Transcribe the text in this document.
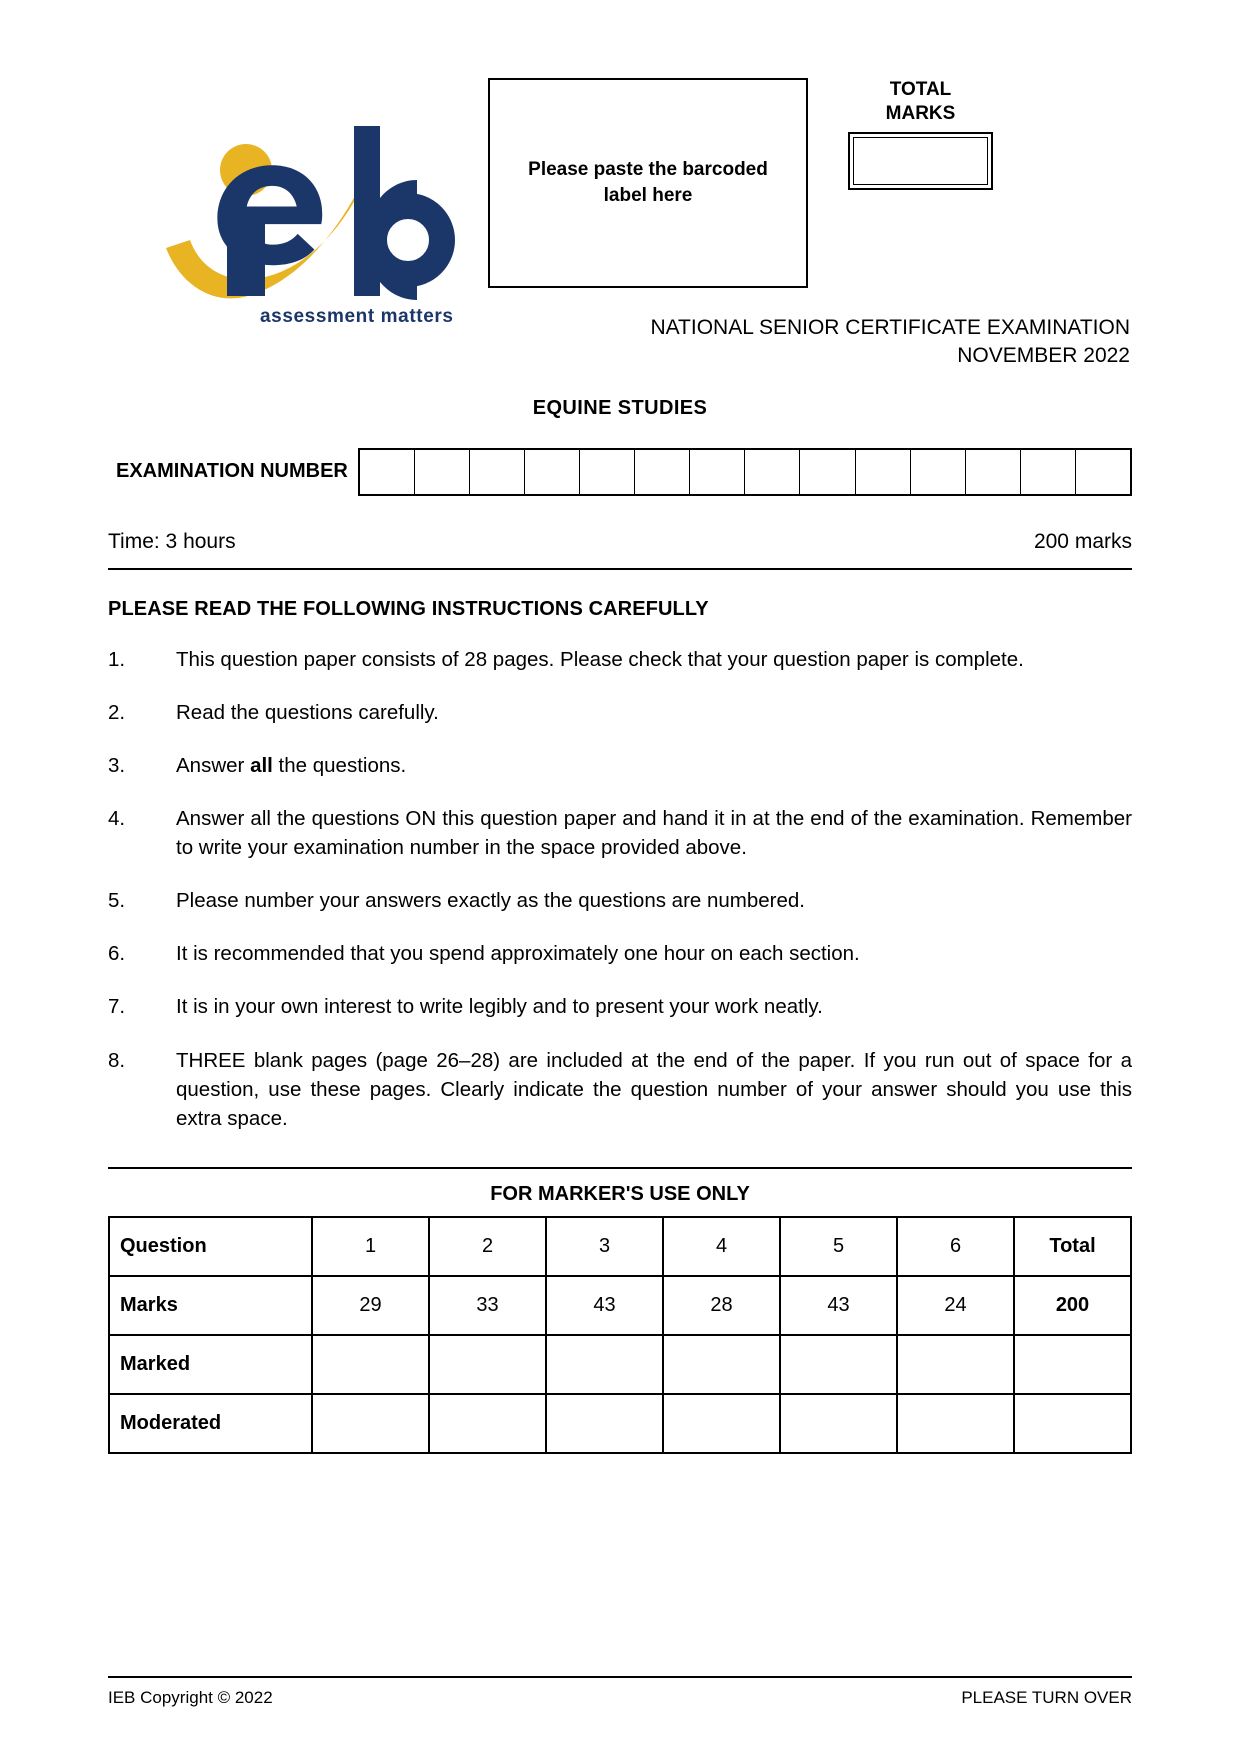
assessment matters
Please paste the barcoded label here
TOTAL
MARKS
NATIONAL SENIOR CERTIFICATE EXAMINATION
NOVEMBER 2022
EQUINE STUDIES
EXAMINATION NUMBER
Time: 3 hours	200 marks
PLEASE READ THE FOLLOWING INSTRUCTIONS CAREFULLY
1.	This question paper consists of 28 pages. Please check that your question paper is complete.
2.	Read the questions carefully.
3.	Answer all the questions.
4.	Answer all the questions ON this question paper and hand it in at the end of the examination. Remember to write your examination number in the space provided above.
5.	Please number your answers exactly as the questions are numbered.
6.	It is recommended that you spend approximately one hour on each section.
7.	It is in your own interest to write legibly and to present your work neatly.
8.	THREE blank pages (page 26–28) are included at the end of the paper. If you run out of space for a question, use these pages. Clearly indicate the question number of your answer should you use this extra space.
FOR MARKER'S USE ONLY
Question	1	2	3	4	5	6	Total
Marks	29	33	43	28	43	24	200
Marked							
Moderated							
IEB Copyright © 2022	PLEASE TURN OVER
